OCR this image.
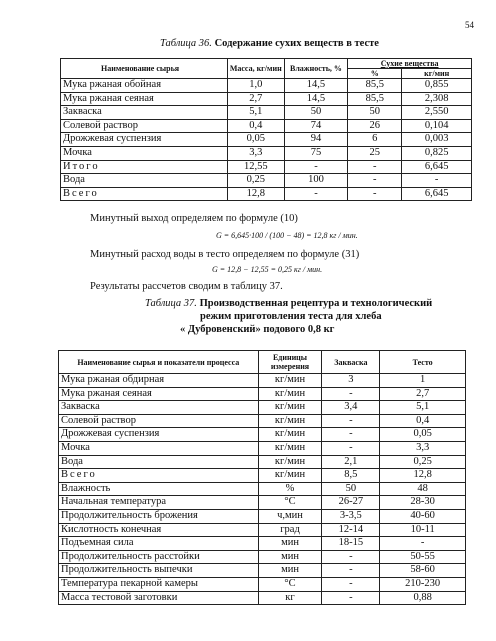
54
Таблица 36. Содержание сухих веществ в тесте
Наименование сырья	Масса, кг/мин	Влажность, %	Сухие вещества	
			%	кг/мин
Мука ржаная обойная	1,0	14,5	85,5	0,855
Мука ржаная сеяная	2,7	14,5	85,5	2,308
Закваска	5,1	50	50	2,550
Солевой раствор	0,4	74	26	0,104
Дрожжевая суспензия	0,05	94	6	0,003
Мочка	3,3	75	25	0,825
Итого	12,55	-	-	6,645
Вода	0,25	100	-	-
Всего	12,8	-	-	6,645
Минутный выход определяем по формуле (10)
G = 6,645·100 / (100 − 48) = 12,8 кг / мин.
Минутный расход воды в тесто определяем по формуле (31)
G = 12,8 − 12,55 = 0,25 кг / мин.
Результаты рассчетов сводим в таблицу 37.
Таблица 37. Производственная рецептура и технологический
режим приготовления теста для хлеба
« Дубровенский» подового 0,8 кг
Наименование сырья и показатели процесса	Единицы измерения	Закваска	Тесто
Мука ржаная обдирная	кг/мин	3	1
Мука ржаная сеяная	кг/мин	-	2,7
Закваска	кг/мин	3,4	5,1
Солевой раствор	кг/мин	-	0,4
Дрожжевая суспензия	кг/мин	-	0,05
Мочка	кг/мин	-	3,3
Вода	кг/мин	2,1	0,25
Всего	кг/мин	8,5	12,8
Влажность	%	50	48
Начальная температура	°C	26-27	28-30
Продолжительность брожения	ч,мин	3-3,5	40-60
Кислотность конечная	град	12-14	10-11
Подъемная сила	мин	18-15	-
Продолжительность расстойки	мин	-	50-55
Продолжительность выпечки	мин	-	58-60
Температура пекарной камеры	°C	-	210-230
Масса тестовой заготовки	кг	-	0,88
